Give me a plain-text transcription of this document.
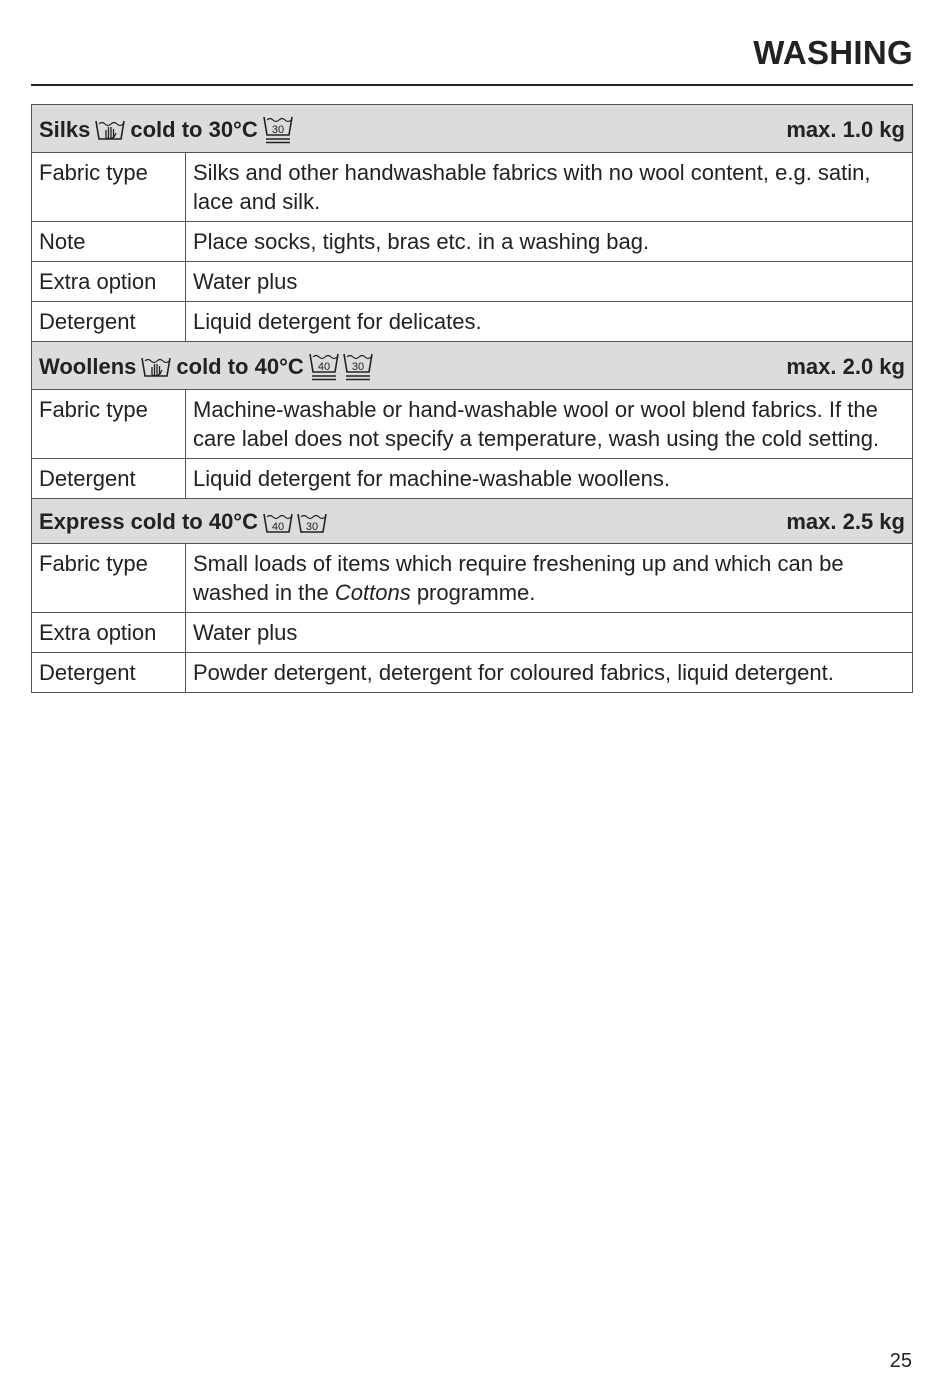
WASHING
Silks cold to 30°C 30 max. 1.0 kg	

Fabric type	Silks and other handwashable fabrics with no wool content, e.g. satin, lace and silk.
Note	Place socks, tights, bras etc. in a washing bag.
Extra option	Water plus
Detergent	Liquid detergent for delicates.

Woollens cold to 40°C 40 30 max. 2.0 kg	

Fabric type	Machine-washable or hand-washable wool or wool blend fabrics. If the care label does not specify a temperature, wash using the cold setting.
Detergent	Liquid detergent for machine-washable woollens.

Express cold to 40°C 40 30 max. 2.5 kg	

Fabric type	Small loads of items which require freshening up and which can be washed in the Cottons programme.
Extra option	Water plus
Detergent	Powder detergent, detergent for coloured fabrics, liquid detergent.
25
